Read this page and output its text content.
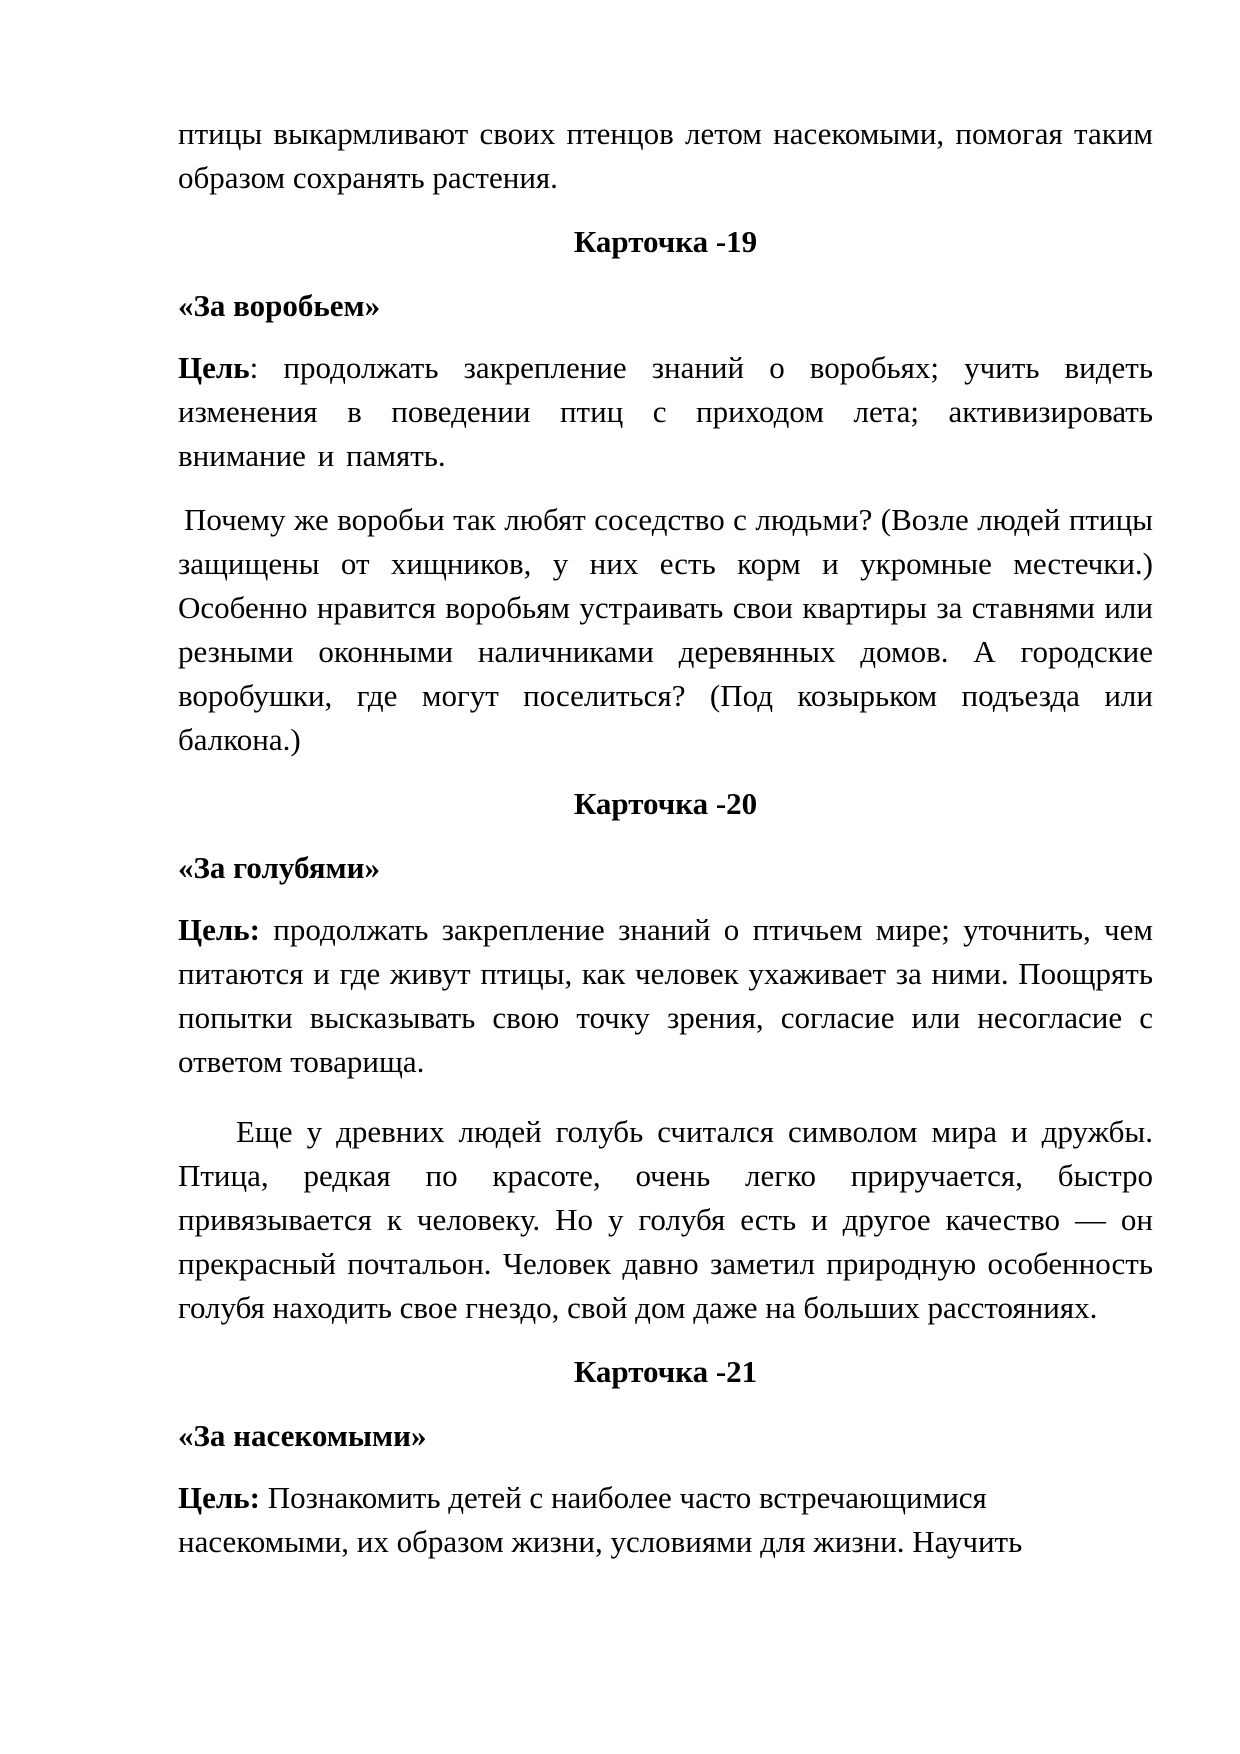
птицы выкармливают своих птенцов летом насекомыми, помогая таким образом сохранять растения.

Карточка -19

«За воробьем»

Цель: продолжать закрепление знаний о воробьях; учить видеть изменения в поведении птиц с приходом лета; активизировать внимание и память.

Почему же воробьи так любят соседство с людьми? (Возле людей птицы защищены от хищников, у них есть корм и укромные местечки.) Особенно нравится воробьям устраивать свои квартиры за ставнями или резными оконными наличниками деревянных домов. А городские воробушки, где могут поселиться? (Под козырьком подъезда или балкона.)

Карточка -20

«За голубями»

Цель: продолжать закрепление знаний о птичьем мире; уточнить, чем питаются и где живут птицы, как человек ухаживает за ними. Поощрять попытки высказывать свою точку зрения, согласие или несогласие с ответом товарища.

Еще у древних людей голубь считался символом мира и дружбы. Птица, редкая по красоте, очень легко приручается, быстро привязывается к человеку. Но у голубя есть и другое качество — он прекрасный почтальон. Человек давно заметил природную особенность голубя находить свое гнездо, свой дом даже на больших расстояниях.

Карточка -21

«За насекомыми»

Цель: Познакомить детей с наиболее часто встречающимися насекомыми, их образом жизни, условиями для жизни. Научить
